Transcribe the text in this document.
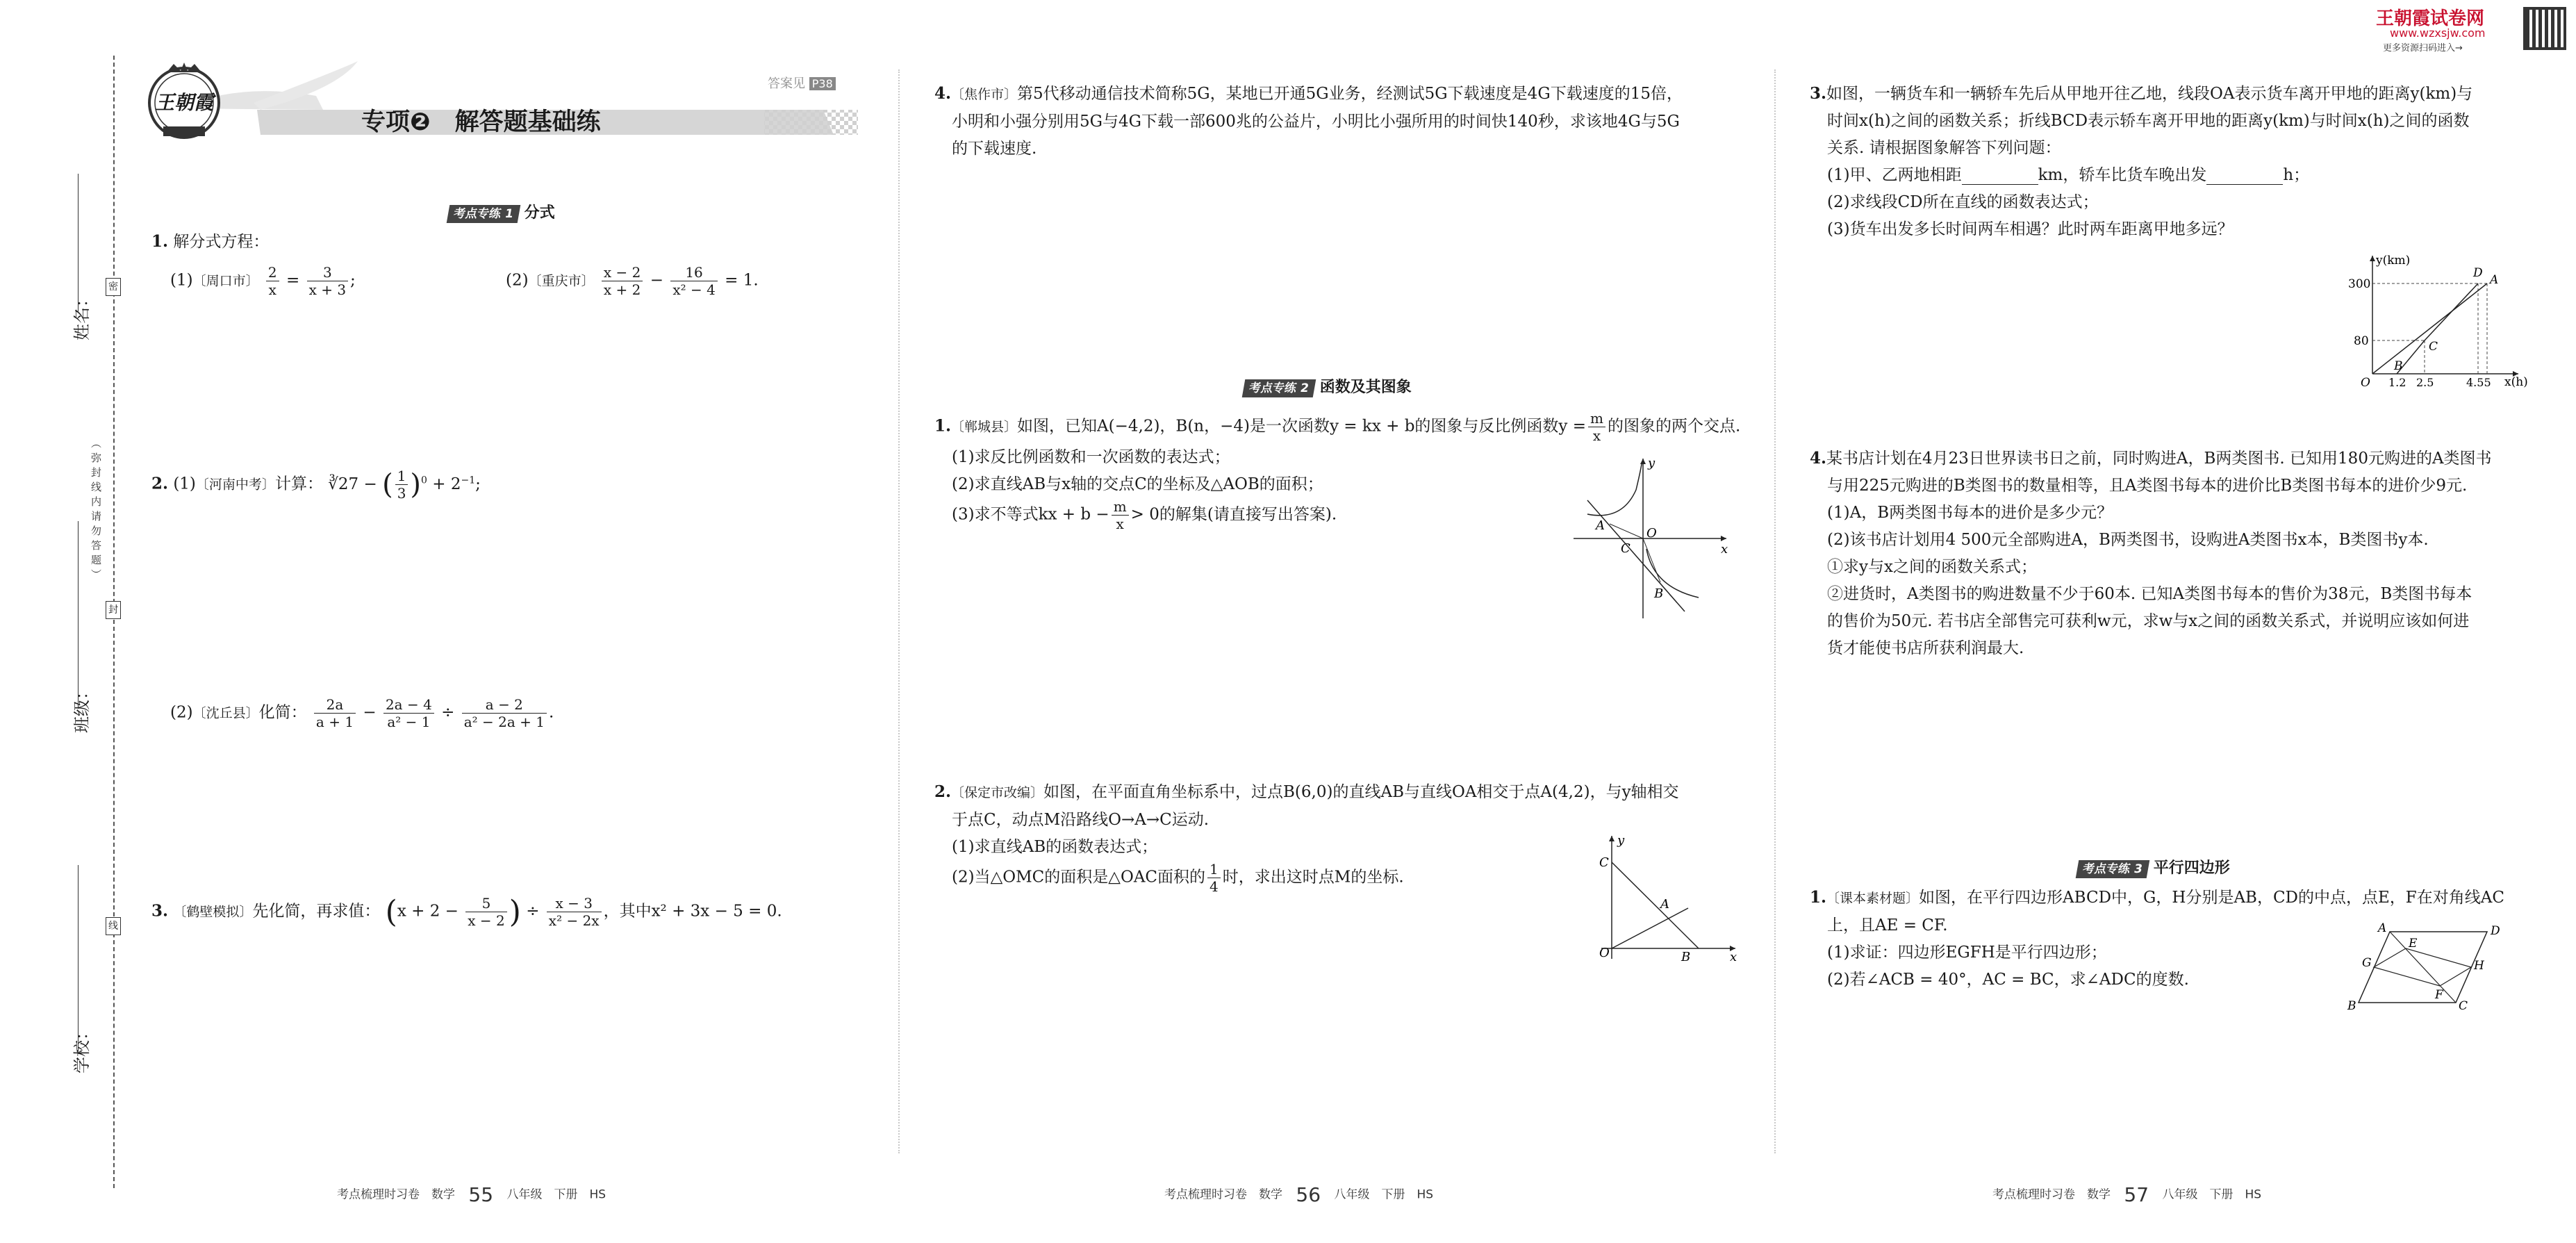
姓名：
班级：
学校：
（弥封线内请勿答题）
密
封
线
王朝霞
专项❷　解答题基础练
答案见 P38
考点专练 1 分式
1. 解分式方程：
(1)〔周口市〕 $\frac{2}{x} = \frac{3}{x + 3}$ ;	(2)〔重庆市〕 $\frac{x - 2}{x + 2} - \frac{16}{\text{x² − 4}} = 1$.
2. (1)〔河南中考〕计算： ∛27 − ( $\frac{1}{3} )^0 + 2^{-1}$;
(2)〔沈丘县〕化简： $\frac{2a}{a + 1} - \frac{2a - 4}{\text{a² − 1}} \div \frac{a - 2}{\text{a² − 2a + 1}}$ .
3. 〔鹤壁模拟〕先化简，再求值： ($x + 2 - \frac{5}{x - 2}$ ) ÷ $\frac{x - 3}{\text{x² − 2x}}$ ，其中x² + 3x − 5 = 0.
考点梳理时习卷　数学 55 八年级　下册　HS
4.〔焦作市〕第5代移动通信技术简称5G，某地已开通5G业务，经测试5G下载速度是4G下载速度的15倍，
小明和小强分别用5G与4G下载一部600兆的公益片，小明比小强所用的时间快140秒，求该地4G与5G
的下载速度.
考点专练 2 函数及其图象
1.〔郸城县〕如图，已知A(−4,2)，B(n，−4)是一次函数y = kx + b的图象与反比例函数$y = \frac{m}{x}$ 的图象的两个交点.
(1)求反比例函数和一次函数的表达式；
(2)求直线AB与x轴的交点C的坐标及△AOB的面积；
(3)求不等式kx + $b - \frac{m}{x} > 0$的解集(请直接写出答案).
y
x
A
O
C
B
2.〔保定市改编〕如图，在平面直角坐标系中，过点B(6,0)的直线AB与直线OA相交于点A(4,2)，与y轴相交
于点C，动点M沿路线O→A→C运动.
(1)求直线AB的函数表达式；
(2)当△OMC的面积是△OAC面积的 $\frac{1}{4}$ 时，求出这时点M的坐标.
y
C
A
O	B	x
考点梳理时习卷　数学 56 八年级　下册　HS
王朝霞试卷网
www.wzxsjw.com
更多资源扫码进入→
3.如图，一辆货车和一辆轿车先后从甲地开往乙地，线段OA表示货车离开甲地的距离y(km)与
时间x(h)之间的函数关系；折线BCD表示轿车离开甲地的距离y(km)与时间x(h)之间的函数
关系. 请根据图象解答下列问题：
(1)甲、乙两地相距	km，轿车比货车晚出发	h；
(2)求线段CD所在直线的函数表达式；
(3)货车出发多长时间两车相遇？此时两车距离甲地多远？
y(km)
x(h)
300
80
1.2 2.5	4.55
O
B
C
D A
4.某书店计划在4月23日世界读书日之前，同时购进A，B两类图书. 已知用180元购进的A类图书
与用225元购进的B类图书的数量相等，且A类图书每本的进价比B类图书每本的进价少9元.
(1)A，B两类图书每本的进价是多少元？
(2)该书店计划用4 500元全部购进A，B两类图书，设购进A类图书x本，B类图书y本.
①求y与x之间的函数关系式；
②进货时，A类图书的购进数量不少于60本. 已知A类图书每本的售价为38元，B类图书每本
的售价为50元. 若书店全部售完可获利w元，求w与x之间的函数关系式，并说明应该如何进
货才能使书店所获利润最大.
考点专练 3 平行四边形
1.〔课本素材题〕如图，在平行四边形ABCD中，G，H分别是AB，CD的中点，点E，F在对角线AC
上，且AE = CF.
(1)求证：四边形EGFH是平行四边形；
(2)若∠ACB = 40°，AC = BC，求∠ADC的度数.
A	D
E
G	H
F
B	C
考点梳理时习卷　数学 57 八年级　下册　HS
